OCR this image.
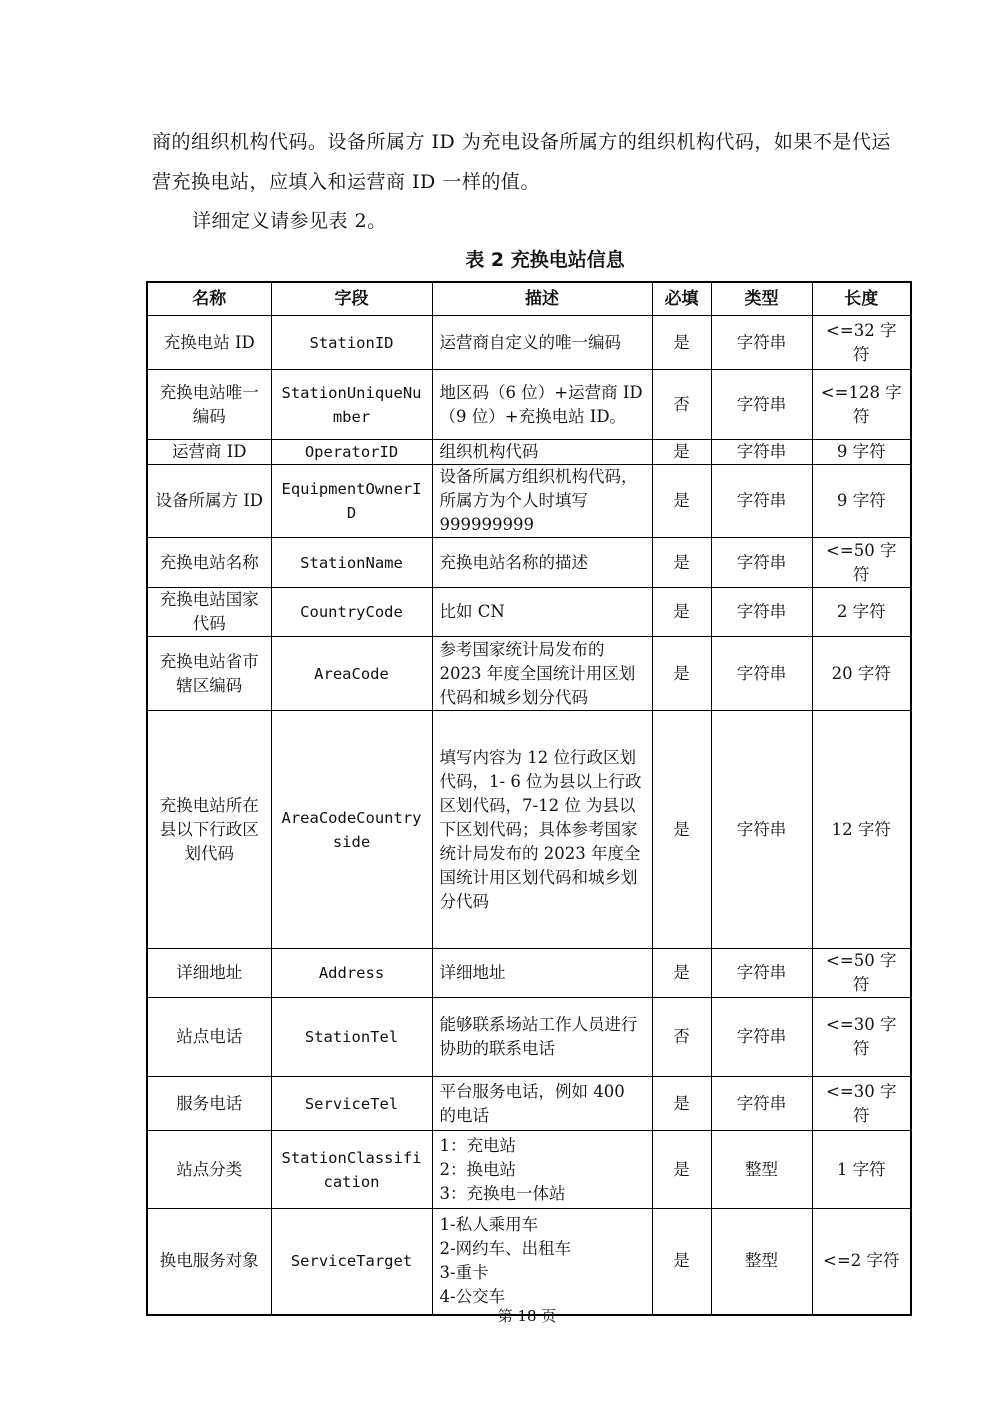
商的组织机构代码。设备所属方 ID 为充电设备所属方的组织机构代码，如果不是代运营充换电站，应填入和运营商 ID 一样的值。
详细定义请参见表 2。
表 2 充换电站信息
名称	字段	描述	必填	类型	长度
充换电站 ID	StationID	运营商自定义的唯一编码	是	字符串	<=32 字符
充换电站唯一编码	StationUniqueNumber	地区码（6 位）+运营商 ID（9 位）+充换电站 ID。	否	字符串	<=128 字符
运营商 ID	OperatorID	组织机构代码	是	字符串	9 字符
设备所属方 ID	EquipmentOwnerID	设备所属方组织机构代码，所属方为个人时填写 999999999	是	字符串	9 字符
充换电站名称	StationName	充换电站名称的描述	是	字符串	<=50 字符
充换电站国家代码	CountryCode	比如 CN	是	字符串	2 字符
充换电站省市辖区编码	AreaCode	参考国家统计局发布的 2023 年度全国统计用区划代码和城乡划分代码	是	字符串	20 字符
充换电站所在县以下行政区划代码	AreaCodeCountryside	填写内容为 12 位行政区划代码，1- 6 位为县以上行政 区划代码，7-12 位 为县以下区划代码；具体参考国家统计局发布的 2023 年度全国统计用区划代码和城乡划分代码	是	字符串	12 字符
详细地址	Address	详细地址	是	字符串	<=50 字符
站点电话	StationTel	能够联系场站工作人员进行协助的联系电话	否	字符串	<=30 字符
服务电话	ServiceTel	平台服务电话，例如 400 的电话	是	字符串	<=30 字符
站点分类	StationClassification	1：充电站
2：换电站
3：充换电一体站	是	整型	1 字符
换电服务对象	ServiceTarget	1-私人乘用车
2-网约车、出租车
3-重卡
4-公交车	是	整型	<=2 字符
第 18 页
